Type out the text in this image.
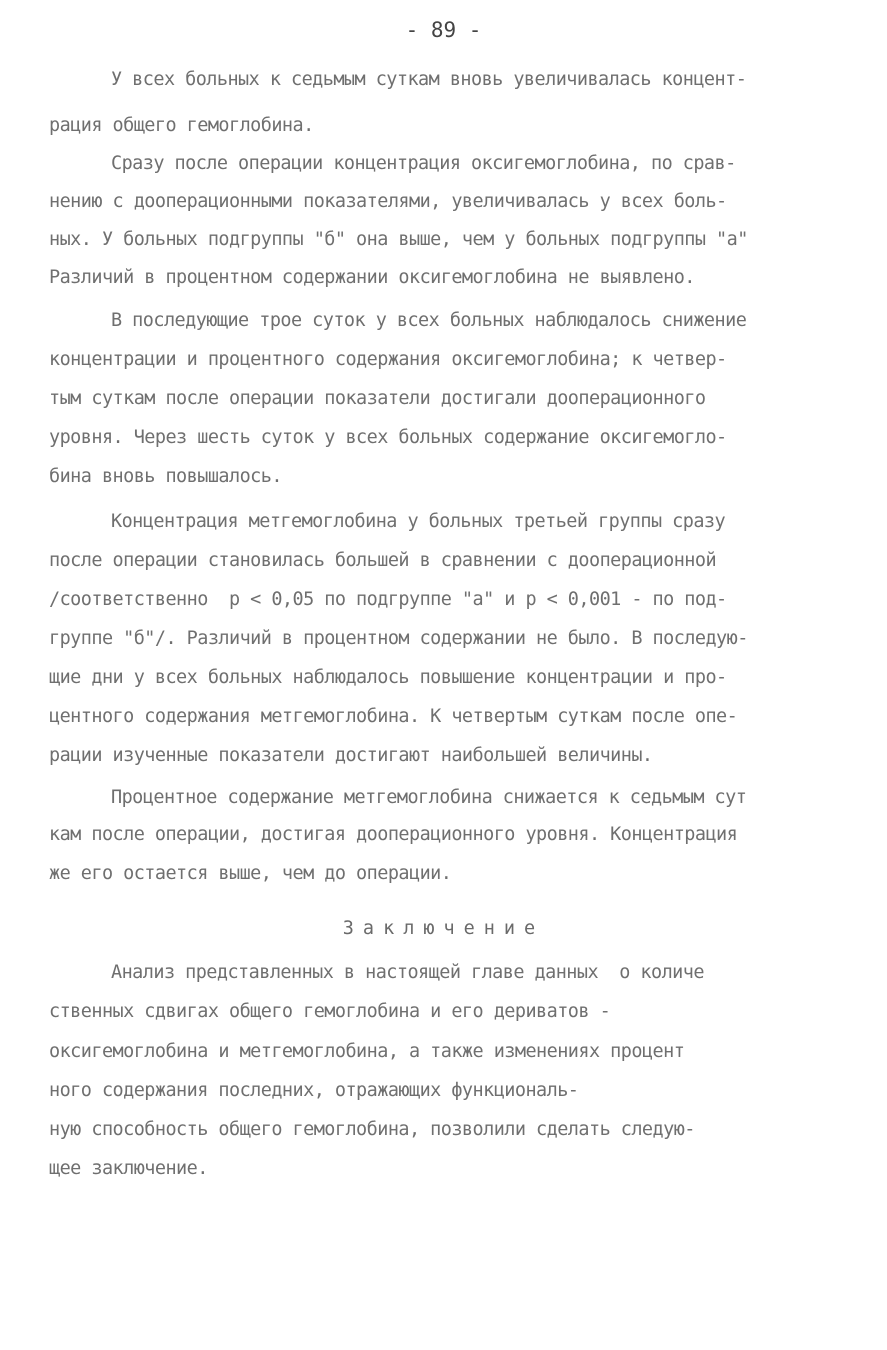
- 89 -
У всех больных к седьмым суткам вновь увеличивалась концент-
рация общего гемоглобина.
Сразу после операции концентрация оксигемоглобина, по срав-
нению с дооперационными показателями, увеличивалась у всех боль-
ных. У больных подгруппы "б" она выше, чем у больных подгруппы "а"
Различий в процентном содержании оксигемоглобина не выявлено.
В последующие трое суток у всех больных наблюдалось снижение
концентрации и процентного содержания оксигемоглобина; к четвер-
тым суткам после операции показатели достигали дооперационного
уровня. Через шесть суток у всех больных содержание оксигемогло-
бина вновь повышалось.
Концентрация метгемоглобина у больных третьей группы сразу
после операции становилась большей в сравнении с дооперационной
/соответственно  р < 0,05 по подгруппе "а" и р < 0,001 - по под-
группе "б"/. Различий в процентном содержании не было. В последую-
щие дни у всех больных наблюдалось повышение концентрации и про-
центного содержания метгемоглобина. К четвертым суткам после опе-
рации изученные показатели достигают наибольшей величины.
Процентное содержание метгемоглобина снижается к седьмым сут
кам после операции, достигая дооперационного уровня. Концентрация
же его остается выше, чем до операции.
Заключение
Анализ представленных в настоящей главе данных  о количе
ственных сдвигах общего гемоглобина и его дериватов -
оксигемоглобина и метгемоглобина, а также изменениях процент
ного содержания последних, отражающих функциональ-
ную способность общего гемоглобина, позволили сделать следую-
щее заключение.
